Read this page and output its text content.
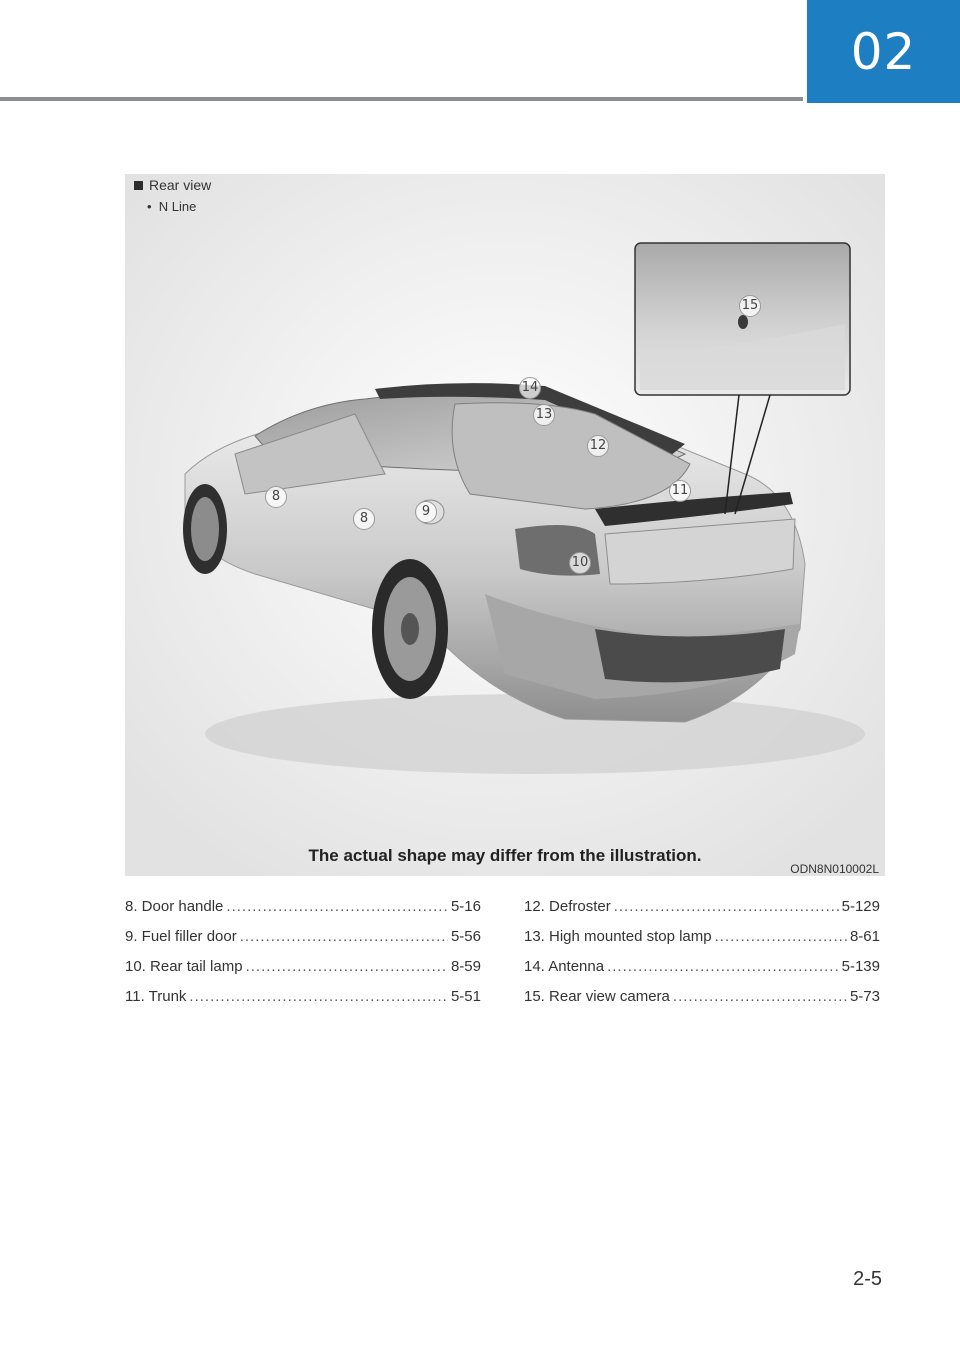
02
Rear view
•  N Line
8
8	9
10
11
12
13
14
15
The actual shape may differ from the illustration.
ODN8N010002L
8. Door handle .....	5-16
9. Fuel filler door .....	5-56
10. Rear tail lamp .....	8-59
11. Trunk .....	5-51
12. Defroster .....	5-129
13. High mounted stop lamp .....	8-61
14. Antenna .....	5-139
15. Rear view camera .....	5-73
2-5
